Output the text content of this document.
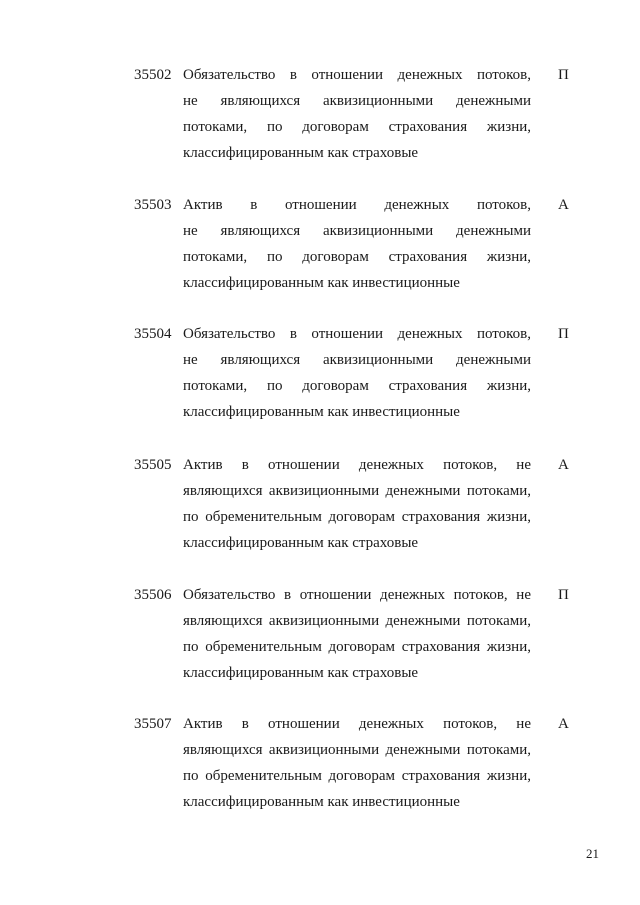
35502 Обязательство в отношении денежных потоков,
не являющихся аквизиционными денежными
потоками, по договорам страхования жизни,
классифицированным как страховые
П
35503 Актив в отношении денежных потоков,
не являющихся аквизиционными денежными
потоками, по договорам страхования жизни,
классифицированным как инвестиционные
А
35504 Обязательство в отношении денежных потоков,
не являющихся аквизиционными денежными
потоками, по договорам страхования жизни,
классифицированным как инвестиционные
П
35505 Актив в отношении денежных потоков, не
являющихся аквизиционными денежными потоками,
по обременительным договорам страхования жизни,
классифицированным как страховые
А
35506 Обязательство в отношении денежных потоков, не
являющихся аквизиционными денежными потоками,
по обременительным договорам страхования жизни,
классифицированным как страховые
П
35507 Актив в отношении денежных потоков, не
являющихся аквизиционными денежными потоками,
по обременительным договорам страхования жизни,
классифицированным как инвестиционные
А
21
